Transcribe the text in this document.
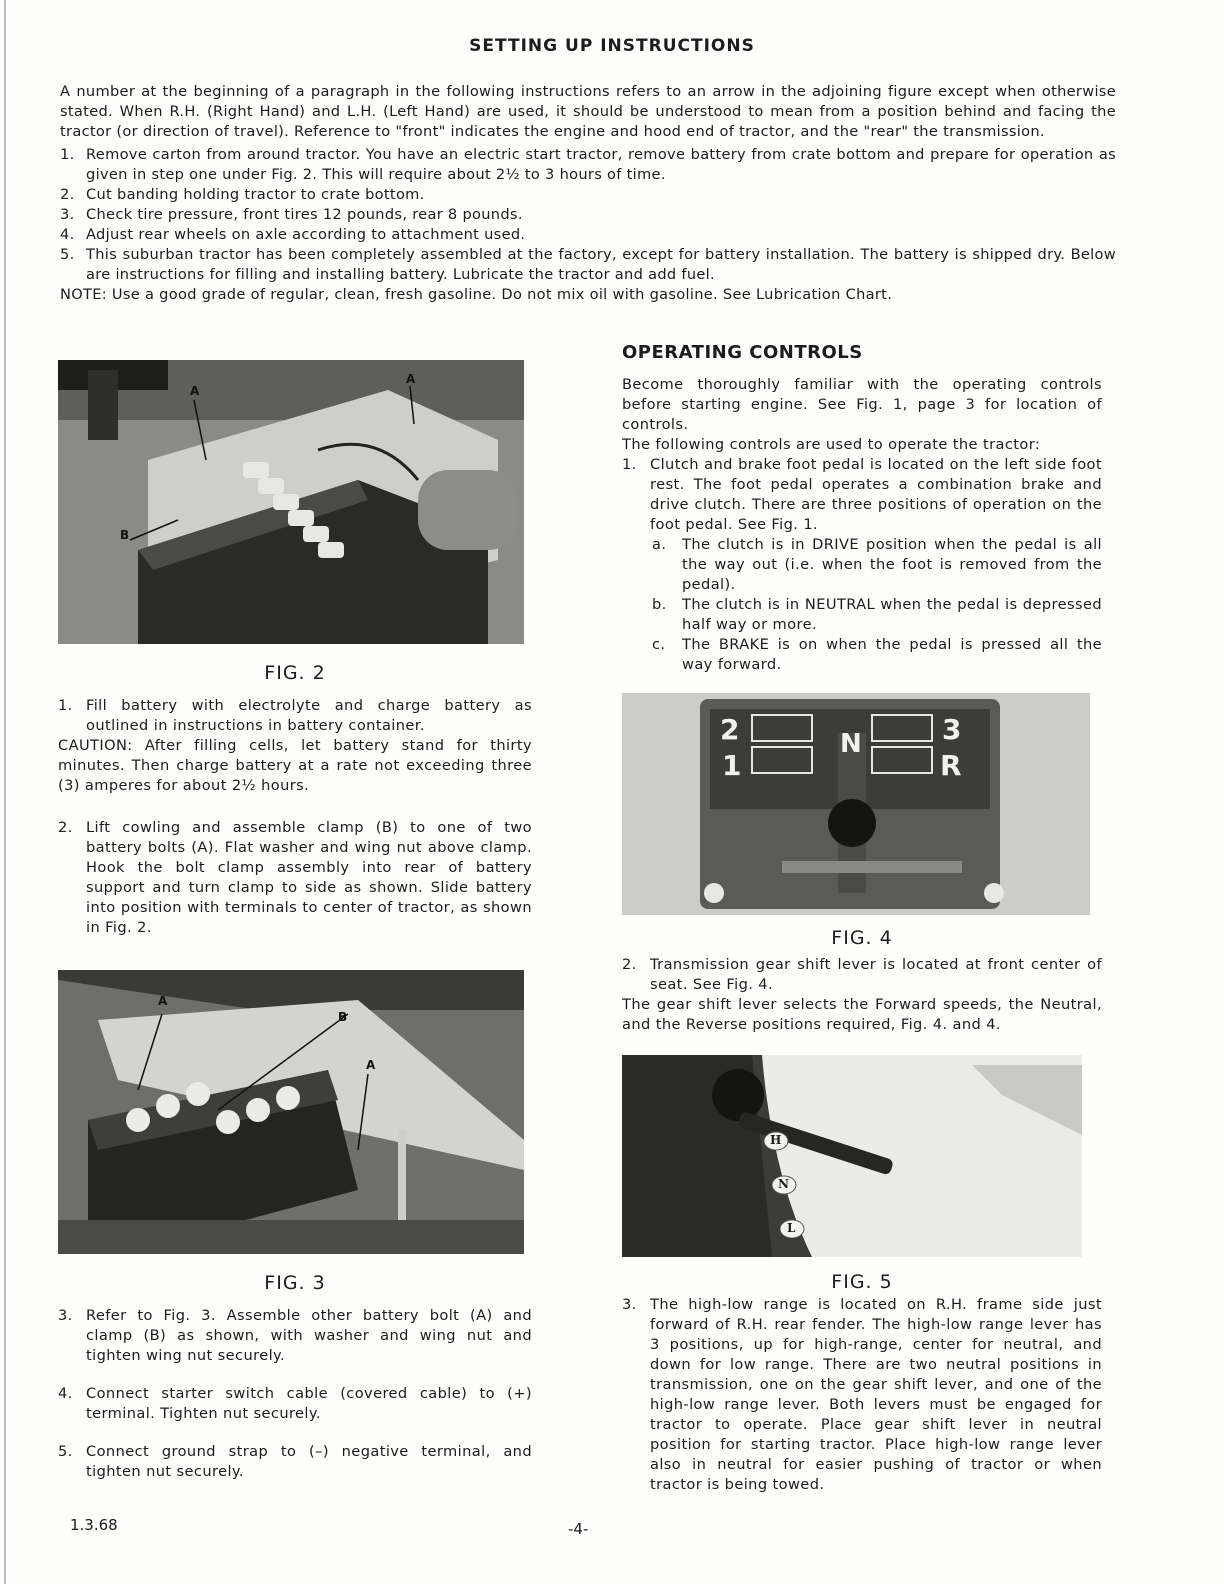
SETTING UP INSTRUCTIONS

A number at the beginning of a paragraph in the following instructions refers to an arrow in the adjoining figure except when otherwise stated. When R.H. (Right Hand) and L.H. (Left Hand) are used, it should be understood to mean from a position behind and facing the tractor (or direction of travel). Reference to "front" indicates the engine and hood end of tractor, and the "rear" the transmission.

1. Remove carton from around tractor. You have an electric start tractor, remove battery from crate bottom and prepare for operation as given in step one under Fig. 2. This will require about 2½ to 3 hours of time.
2. Cut banding holding tractor to crate bottom.
3. Check tire pressure, front tires 12 pounds, rear 8 pounds.
4. Adjust rear wheels on axle according to attachment used.
5. This suburban tractor has been completely assembled at the factory, except for battery installation. The battery is shipped dry. Below are instructions for filling and installing battery. Lubricate the tractor and add fuel.
NOTE: Use a good grade of regular, clean, fresh gasoline. Do not mix oil with gasoline. See Lubrication Chart.
A
A
B
FIG. 2

1. Fill battery with electrolyte and charge battery as outlined in instructions in battery container.

CAUTION: After filling cells, let battery stand for thirty minutes. Then charge battery at a rate not exceeding three (3) amperes for about 2½ hours.

2. Lift cowling and assemble clamp (B) to one of two battery bolts (A). Flat washer and wing nut above clamp. Hook the bolt clamp assembly into rear of battery support and turn clamp to side as shown. Slide battery into position with terminals to center of tractor, as shown in Fig. 2.

A
B
A
FIG. 3

3. Refer to Fig. 3. Assemble other battery bolt (A) and clamp (B) as shown, with washer and wing nut and tighten wing nut securely.

4. Connect starter switch cable (covered cable) to (+) terminal. Tighten nut securely.

5. Connect ground strap to (–) negative terminal, and tighten nut securely.

OPERATING CONTROLS

Become thoroughly familiar with the operating controls before starting engine. See Fig. 1, page 3 for location of controls.

The following controls are used to operate the tractor:

1. Clutch and brake foot pedal is located on the left side foot rest. The foot pedal operates a combination brake and drive clutch. There are three positions of operation on the foot pedal. See Fig. 1.

a. The clutch is in DRIVE position when the pedal is all the way out (i.e. when the foot is removed from the pedal).

b. The clutch is in NEUTRAL when the pedal is depressed half way or more.

c. The BRAKE is on when the pedal is pressed all the way forward.

2	3
1	R
N
FIG. 4

2. Transmission gear shift lever is located at front center of seat. See Fig. 4.

The gear shift lever selects the Forward speeds, the Neutral, and the Reverse positions required, Fig. 4. and 4.

H
N
L
FIG. 5

3. The high-low range is located on R.H. frame side just forward of R.H. rear fender. The high-low range lever has 3 positions, up for high-range, center for neutral, and down for low range. There are two neutral positions in transmission, one on the gear shift lever, and one of the high-low range lever. Both levers must be engaged for tractor to operate. Place gear shift lever in neutral position for starting tractor. Place high-low range lever also in neutral for easier pushing of tractor or when tractor is being towed.

1.3.68	-4-
